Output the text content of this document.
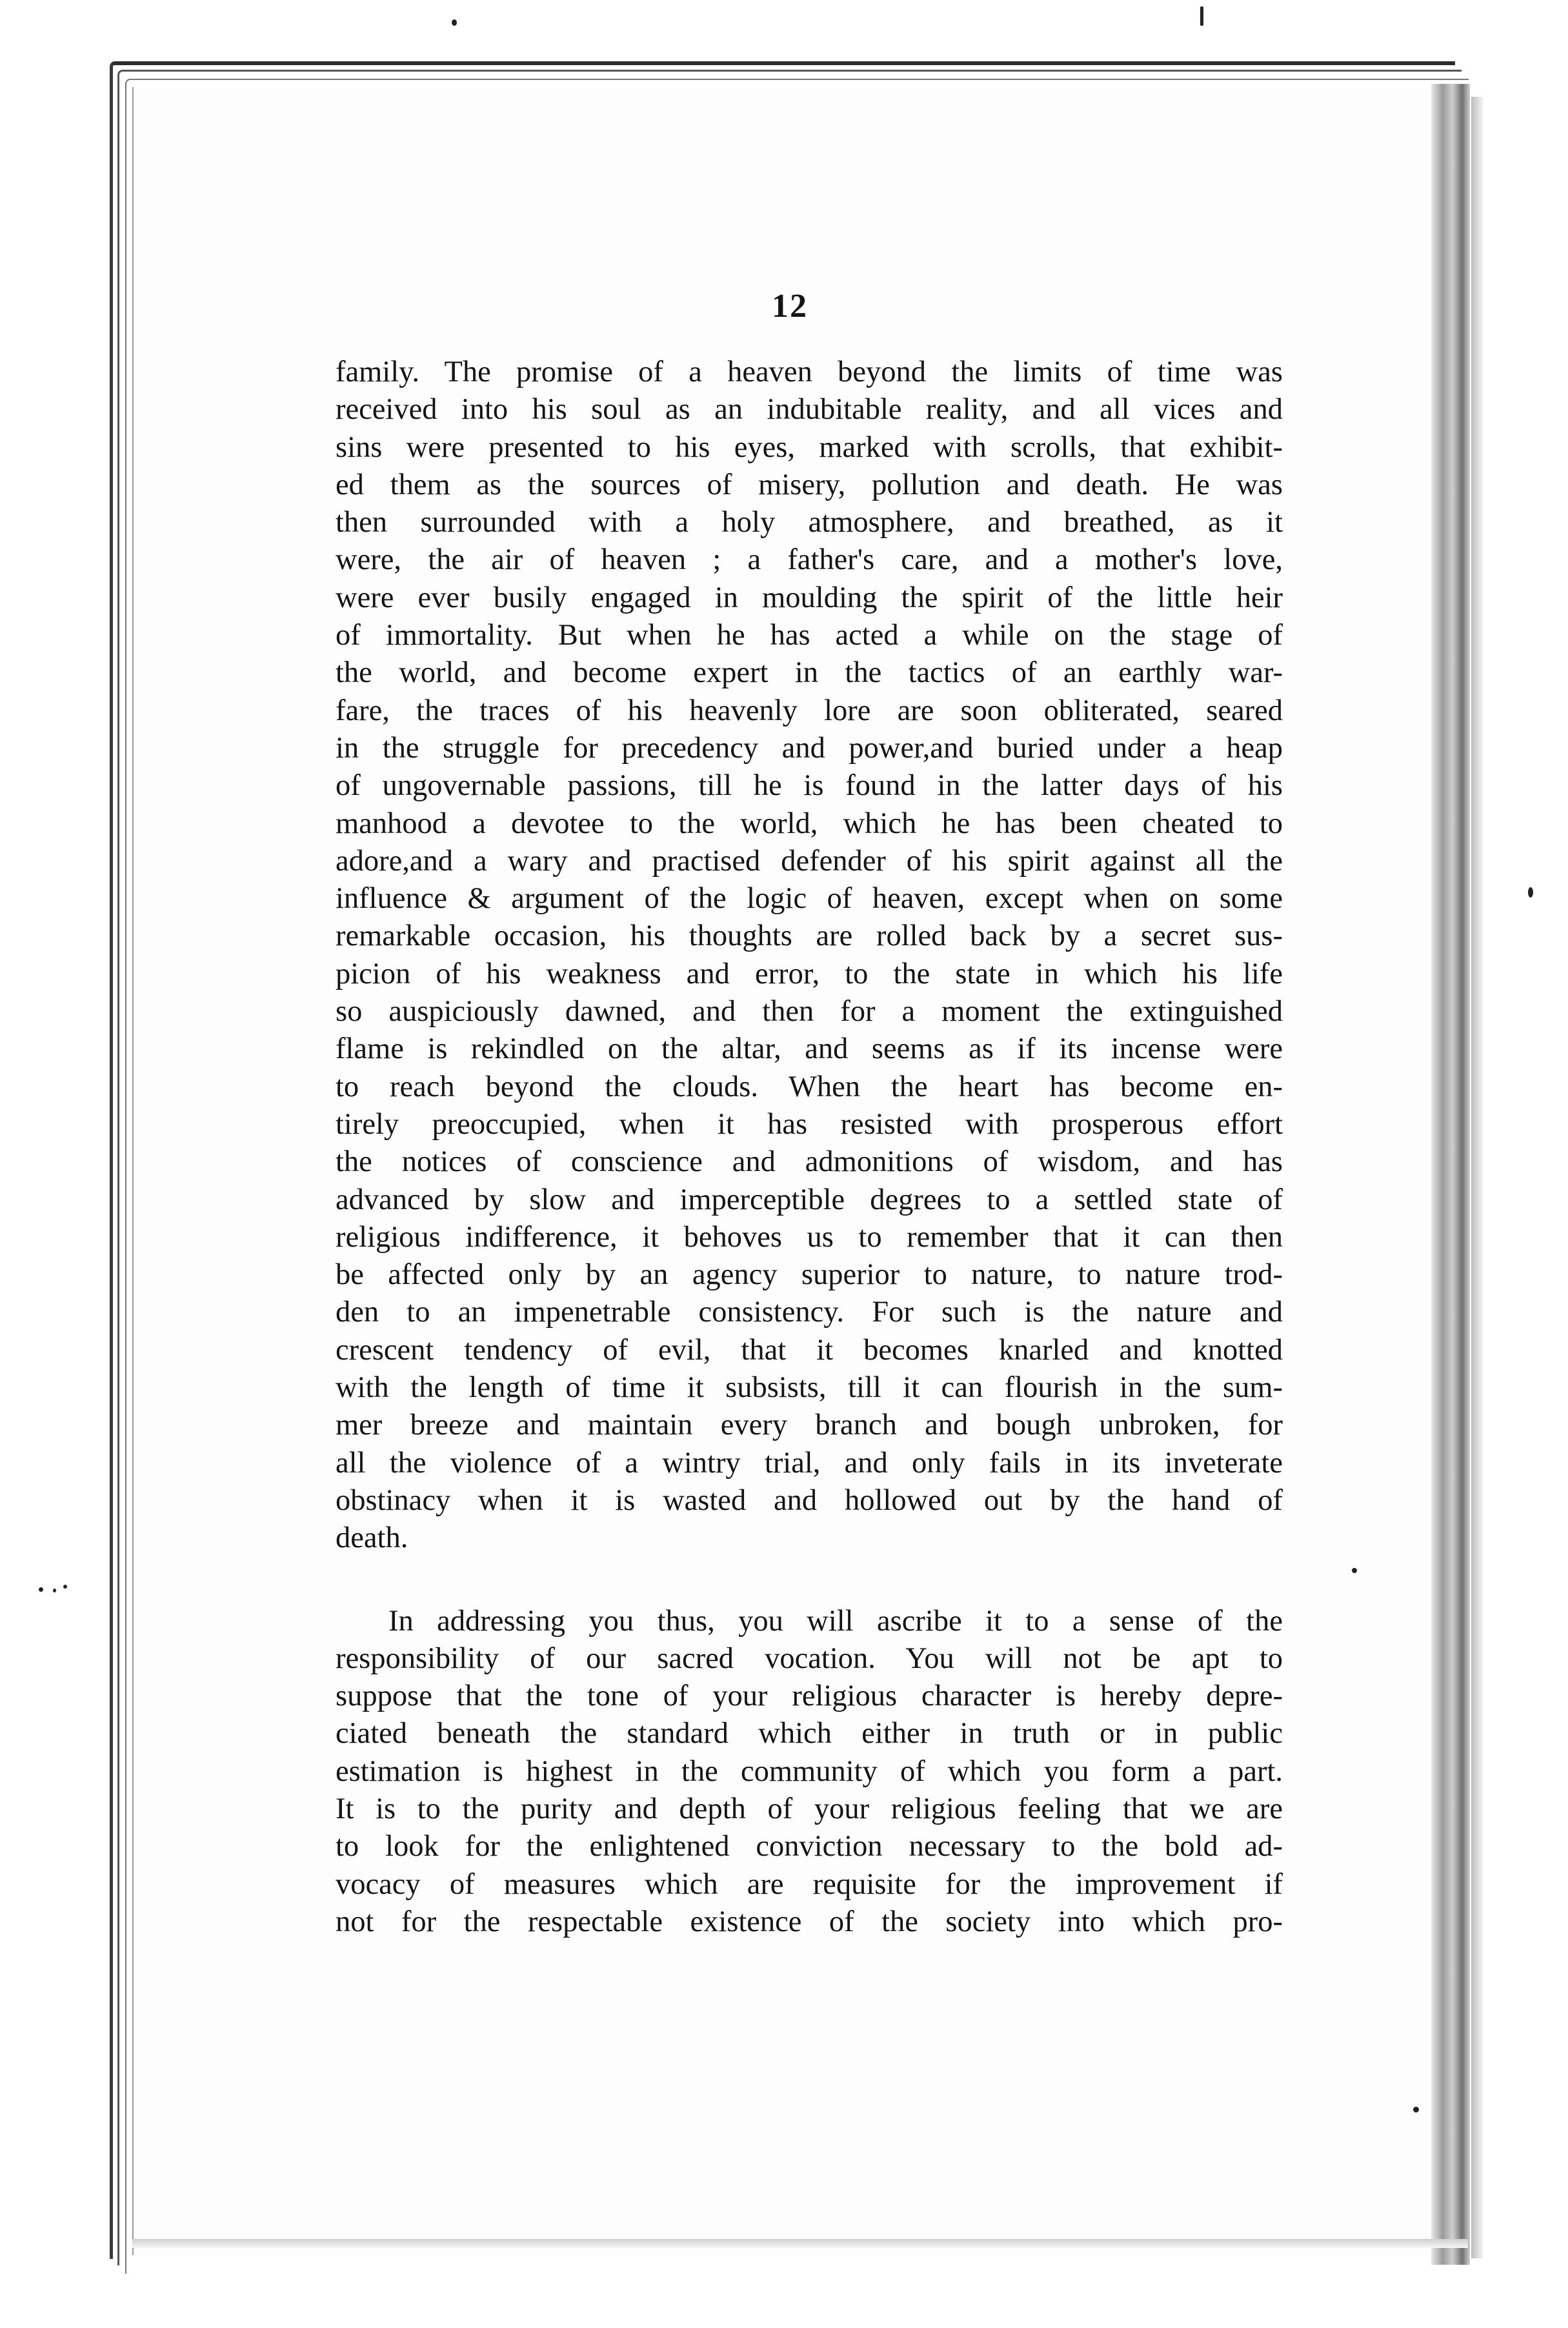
12
family. The promise of a heaven beyond the limits of time was
received into his soul as an indubitable reality, and all vices and
sins were presented to his eyes, marked with scrolls, that exhibit-
ed them as the sources of misery, pollution and death. He was
then surrounded with a holy atmosphere, and breathed, as it
were, the air of heaven ; a father's care, and a mother's love,
were ever busily engaged in moulding the spirit of the little heir
of immortality. But when he has acted a while on the stage of
the world, and become expert in the tactics of an earthly war-
fare, the traces of his heavenly lore are soon obliterated, seared
in the struggle for precedency and power,and buried under a heap
of ungovernable passions, till he is found in the latter days of his
manhood a devotee to the world, which he has been cheated to
adore,and a wary and practised defender of his spirit against all the
influence & argument of the logic of heaven, except when on some
remarkable occasion, his thoughts are rolled back by a secret sus-
picion of his weakness and error, to the state in which his life
so auspiciously dawned, and then for a moment the extinguished
flame is rekindled on the altar, and seems as if its incense were
to reach beyond the clouds. When the heart has become en-
tirely preoccupied, when it has resisted with prosperous effort
the notices of conscience and admonitions of wisdom, and has
advanced by slow and imperceptible degrees to a settled state of
religious indifference, it behoves us to remember that it can then
be affected only by an agency superior to nature, to nature trod-
den to an impenetrable consistency. For such is the nature and
crescent tendency of evil, that it becomes knarled and knotted
with the length of time it subsists, till it can flourish in the sum-
mer breeze and maintain every branch and bough unbroken, for
all the violence of a wintry trial, and only fails in its inveterate
obstinacy when it is wasted and hollowed out by the hand of
death.
In addressing you thus, you will ascribe it to a sense of the
responsibility of our sacred vocation. You will not be apt to
suppose that the tone of your religious character is hereby depre-
ciated beneath the standard which either in truth or in public
estimation is highest in the community of which you form a part.
It is to the purity and depth of your religious feeling that we are
to look for the enlightened conviction necessary to the bold ad-
vocacy of measures which are requisite for the improvement if
not for the respectable existence of the society into which pro-
